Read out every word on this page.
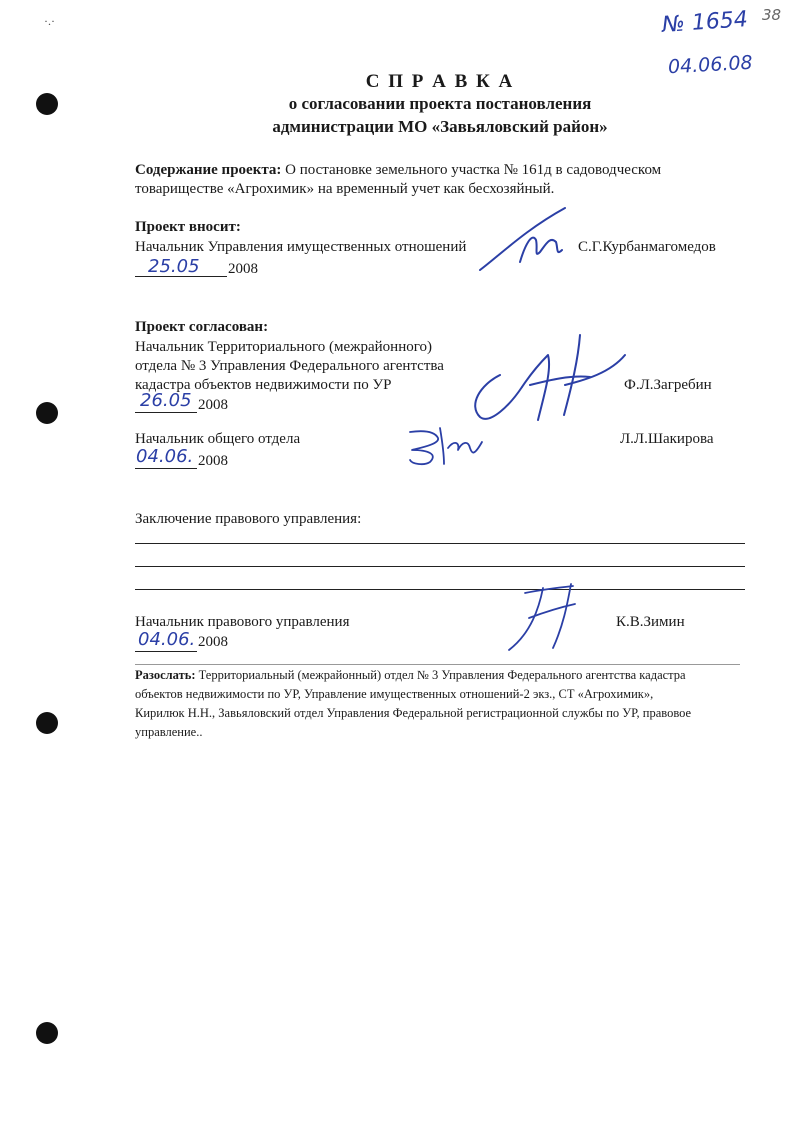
·.·	№ 1654 38
04.06.08
С П Р А В К А
о согласовании проекта постановления
администрации МО «Завьяловский район»
Содержание проекта: О постановке земельного участка № 161д в садоводческом
товариществе «Агрохимик» на временный учет как бесхозяйный.
Проект вносит:
Начальник Управления имущественных отношений	С.Г.Курбанмагомедов
25.05 2008
Проект согласован:
Начальник Территориального (межрайонного)
отдела № 3 Управления Федерального агентства
кадастра объектов недвижимости по УР	Ф.Л.Загребин
26.05 2008
Начальник общего отдела	Л.Л.Шакирова
04.06. 2008
Заключение правового управления:
Начальник правового управления	К.В.Зимин
04.06. 2008
Разослать: Территориальный (межрайонный) отдел № 3 Управления Федерального агентства кадастра
объектов недвижимости по УР, Управление имущественных отношений-2 экз., СТ «Агрохимик»,
Кирилюк Н.Н., Завьяловский отдел Управления Федеральной регистрационной службы по УР, правовое
управление..
